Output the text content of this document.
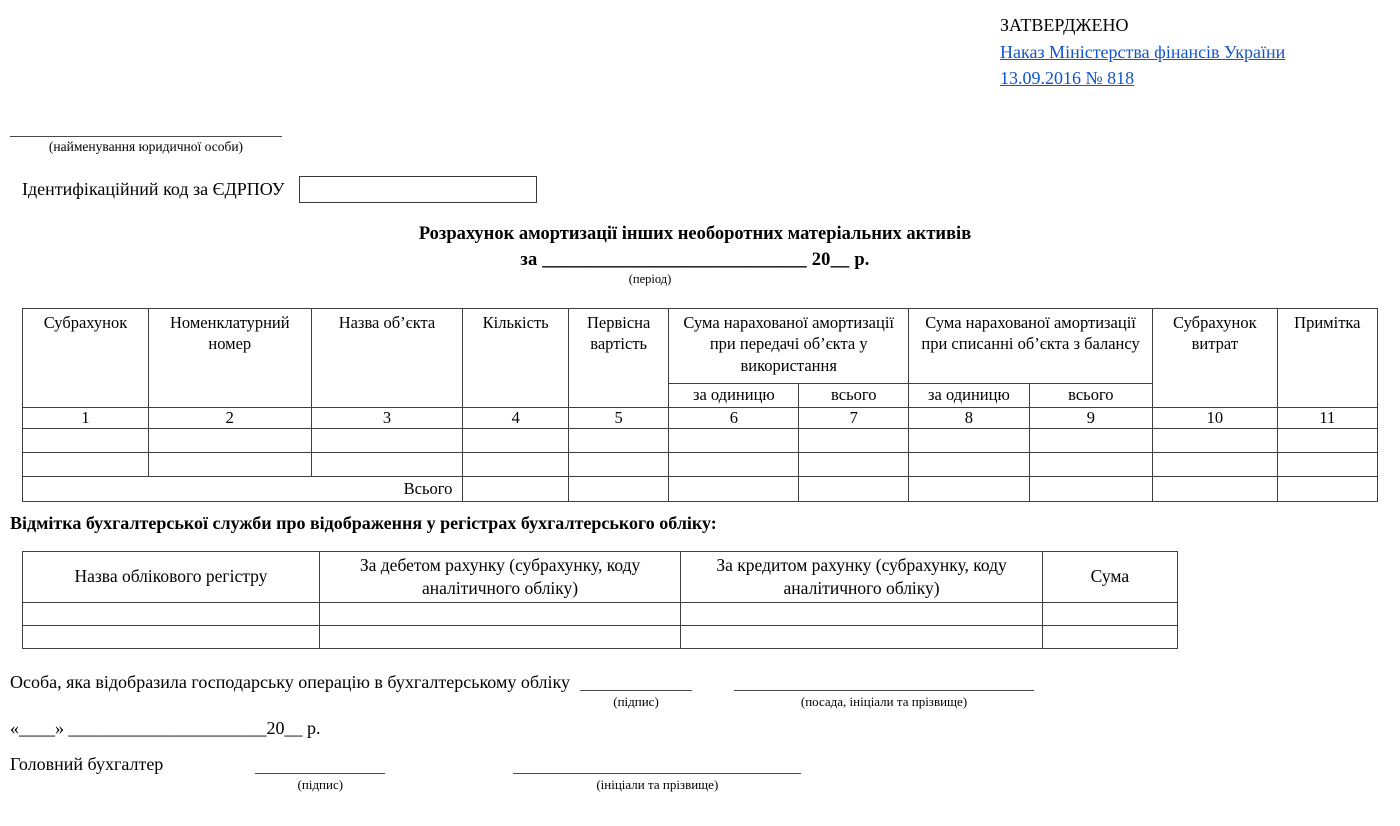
ЗАТВЕРДЖЕНО
Наказ Міністерства фінансів України
13.09.2016 № 818
(найменування юридичної особи)
Ідентифікаційний код за ЄДРПОУ
Розрахунок амортизації інших необоротних матеріальних активів
за ____________________________ 20__ р.
(період)
Субрахунок	Номенклатурний номер	Назва об’єкта	Кількість	Первісна вартість	Сума нарахованої амортизації при передачі об’єкта у використання		Сума нарахованої амортизації при списанні об’єкта з балансу		Субрахунок витрат	Примітка
					за одиницю	всього	за одиницю	всього		
1	2	3	4	5	6	7	8	9	10	11

Всього										
Відмітка бухгалтерської служби про відображення у регістрах бухгалтерського обліку:
Назва облікового регістру	За дебетом рахунку (субрахунку, коду аналітичного обліку)	За кредитом рахунку (субрахунку, коду аналітичного обліку)	Сума

Особа, яка відобразила господарську операцію в бухгалтерському обліку
(підпис)	(посада, ініціали та прізвище)
«____» ______________________20__ р.
Головний бухгалтер
(підпис)	(ініціали та прізвище)
